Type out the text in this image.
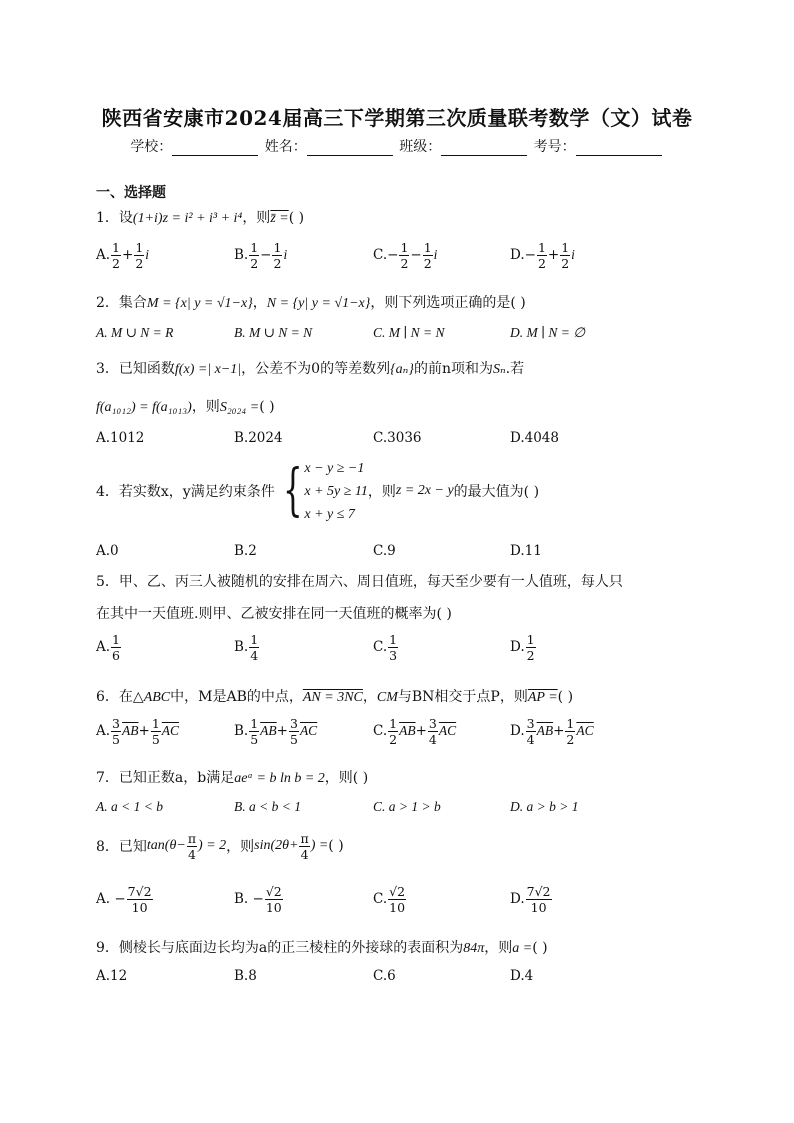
陕西省安康市2024届高三下学期第三次质量联考数学（文）试卷
学校：	姓名：	班级：	考号：
一、选择题
1．设(1+i)z = i² + i³ + i⁴，则z̄ =( )
A. $\frac{1}{2} + \frac{1}{2}$ i	B. $\frac{1}{2} - \frac{1}{2}$ i	$C.- \frac{1}{2} - \frac{1}{2}$ i	$D.- \frac{1}{2} + \frac{1}{2}$ i
2．集合M = {x| y = √1−x}，N = {y| y = √1−x}，则下列选项正确的是( )
A. M ∪ N = R	B. M ∪ N = N	C. M ∣ N = N	D. M ∣ N = ∅
3．已知函数f(x) =| x−1|，公差不为0的等差数列{aₙ}的前n项和为Sₙ.若
f(a₁₀₁₂) = f(a₁₀₁₃)，则S₂₀₂₄ =( )
A.1012	B.2024	C.3036	D.4048
4．若实数x，y满足约束条件 { x − y ≥ −1
x + 5y ≥ 11
x + y ≤ 7
，则 z = 2x − y 的最大值为( )
A.0	B.2	C.9	D.11
5．甲、乙、丙三人被随机的安排在周六、周日值班，每天至少要有一人值班，每人只
在其中一天值班.则甲、乙被安排在同一天值班的概率为( )
A. $\frac{1}{6}$	B. $\frac{1}{4}$	C. $\frac{1}{3}$	D. $\frac{1}{2}$
6．在△ABC中，M是AB的中点，AN = 3NC，CM与BN相交于点P，则AP =( )
A. $\frac{3}{5} \overline{AB}+ \frac{1}{5} \overline{AC}$	B. $\frac{1}{5} \overline{AB}+ \frac{3}{5} \overline{AC}$	C. $\frac{1}{2} \overline{AB}+ \frac{3}{4} \overline{AC}$	D. $\frac{3}{4} \overline{AB}+ \frac{1}{2} \overline{AC}$
7．已知正数a，b满足aeᵃ = b ln b = 2，则( )
A. a < 1 < b	B. a < b < 1	C. a > 1 > b	D. a > b > 1
8．已知 $\tan(\theta- \frac{\pi}{4}$ ) = 2 ，则 $\sin(2\theta+ \frac{\pi}{4}$ ) = ( )
A. − $\frac{7√2}{10}$	B. − $\frac{√2}{10}$	C. $\frac{√2}{10}$	D. $\frac{7√2}{10}$
9．侧棱长与底面边长均为a的正三棱柱的外接球的表面积为84π，则a =( )
A.12	B.8	C.6	D.4
